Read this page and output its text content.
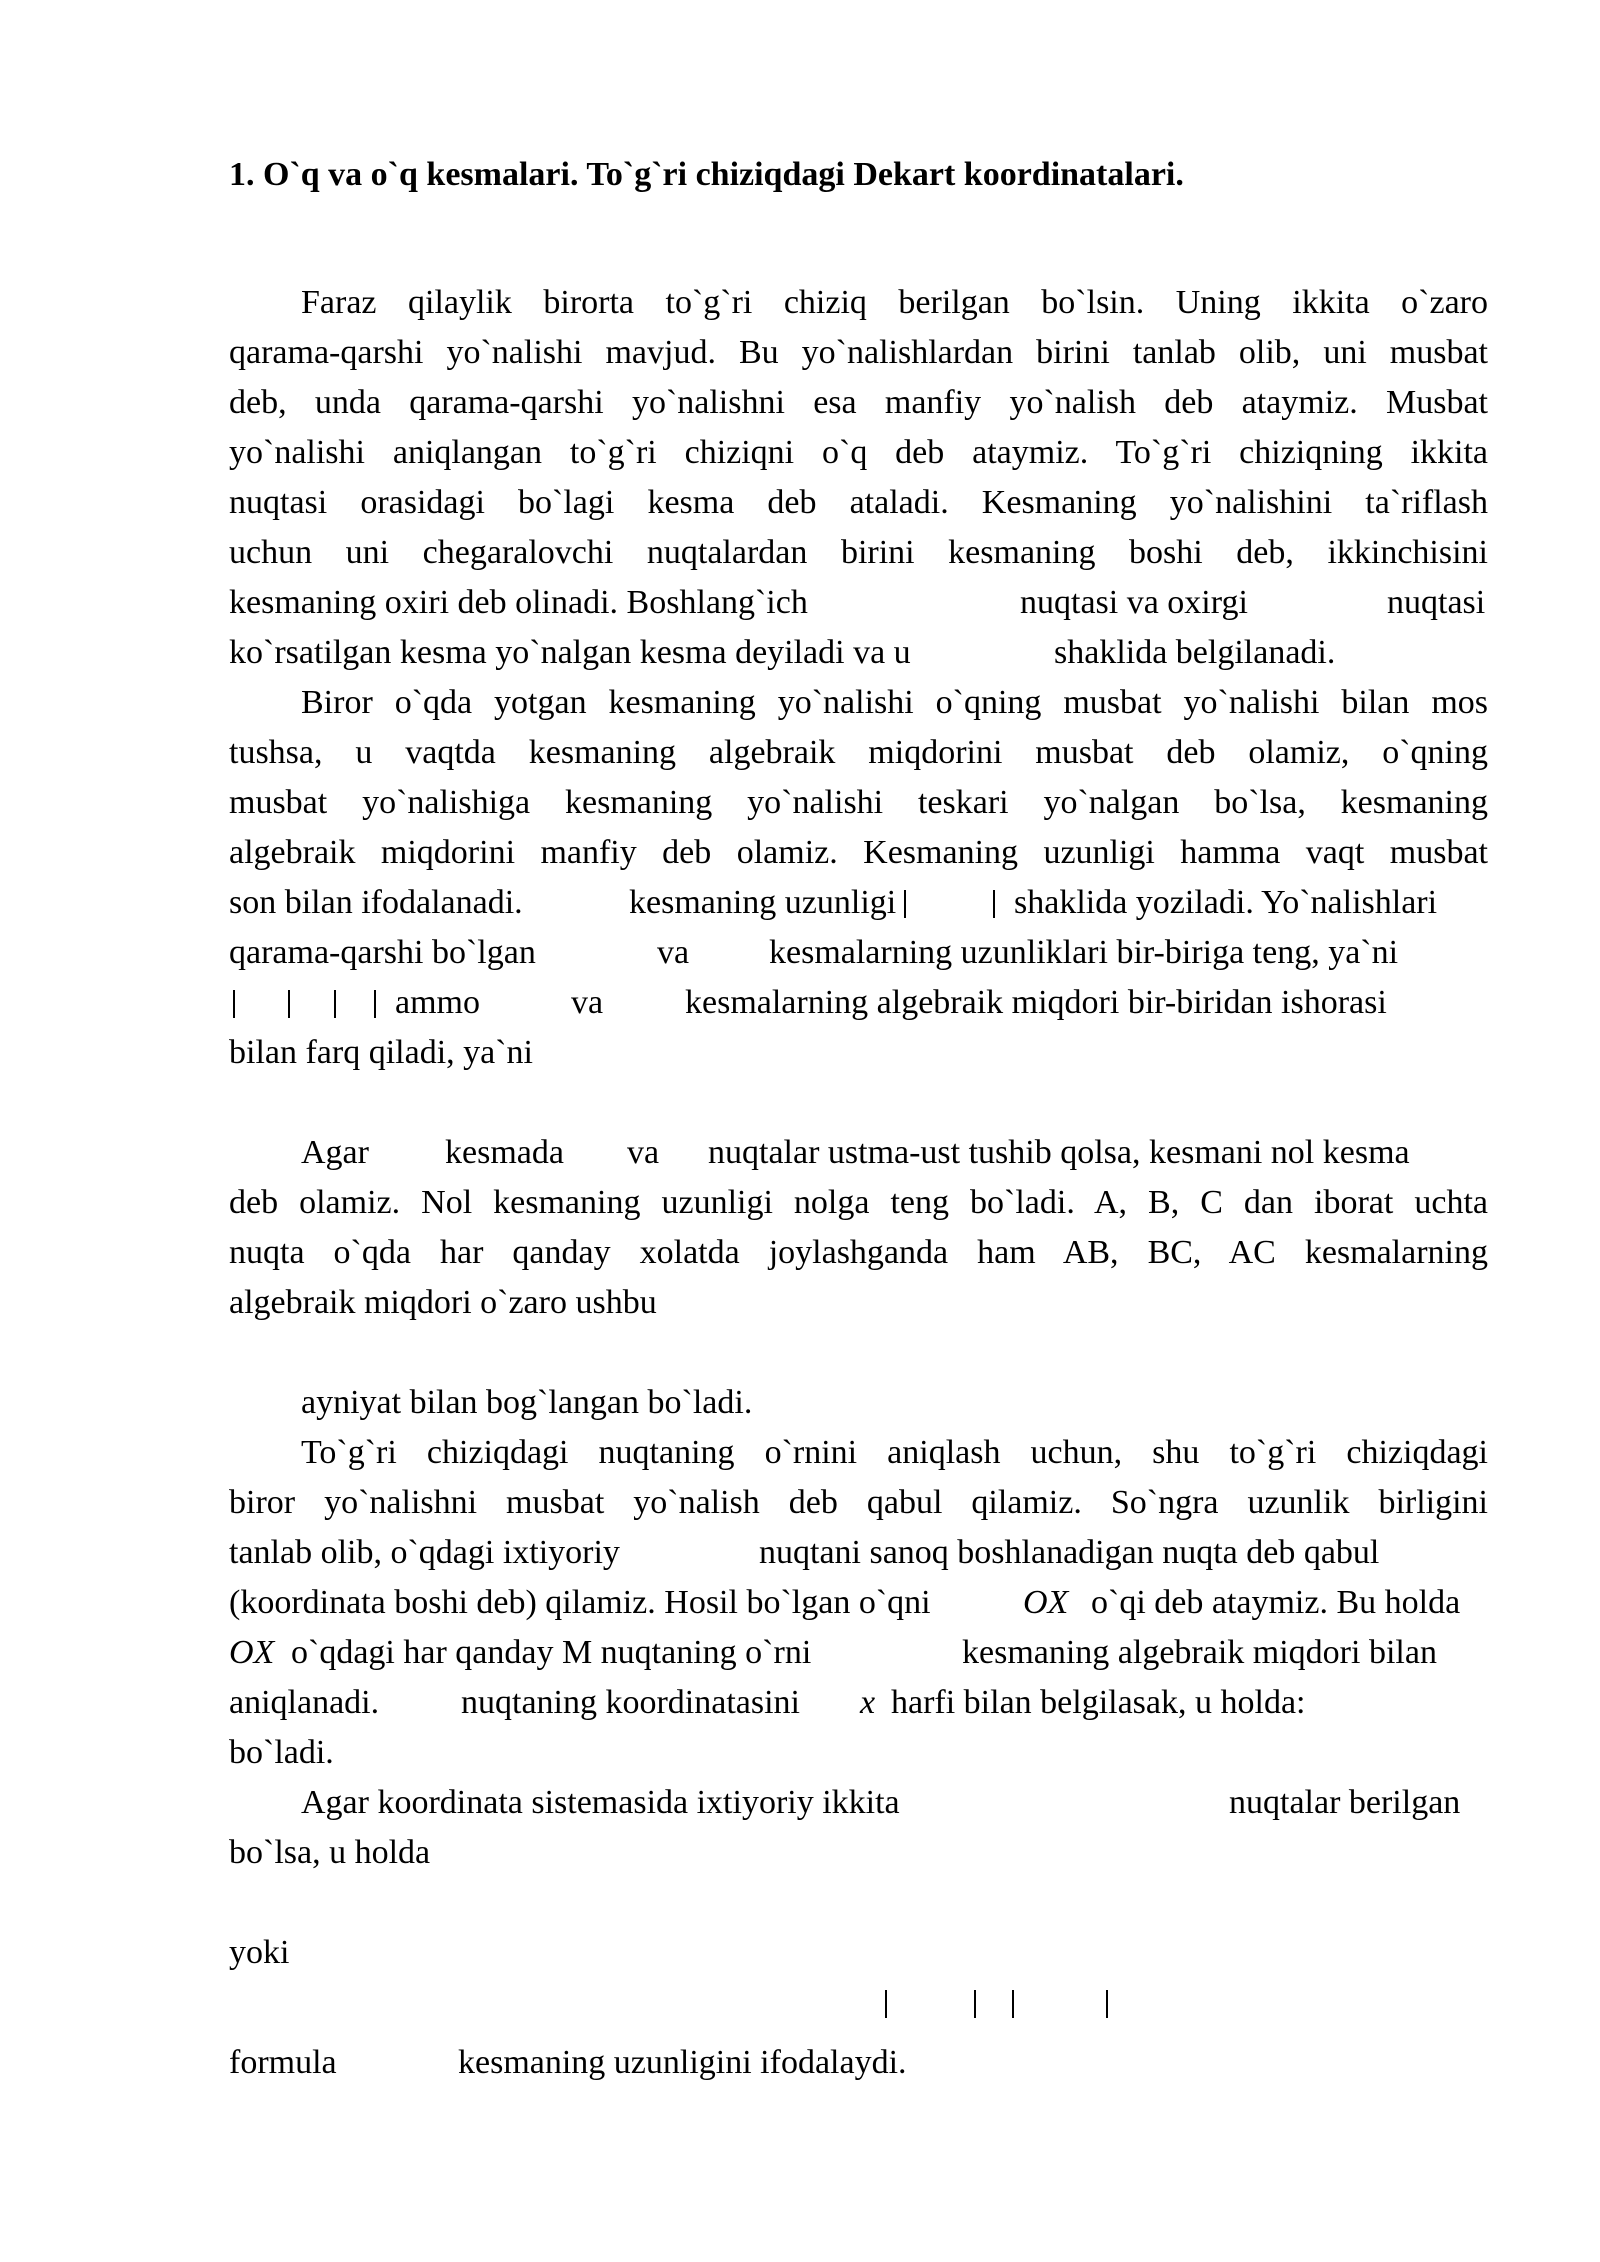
1. O`q va o`q kesmalari. To`g`ri chiziqdagi Dekart koordinatalari.
Faraz qilaylik birorta to`g`ri chiziq berilgan bo`lsin. Uning ikkita o`zaro
qarama-qarshi yo`nalishi mavjud. Bu yo`nalishlardan birini tanlab olib, uni musbat
deb, unda qarama-qarshi yo`nalishni esa manfiy yo`nalish deb ataymiz. Musbat
yo`nalishi aniqlangan to`g`ri chiziqni o`q deb ataymiz. To`g`ri chiziqning ikkita
nuqtasi orasidagi bo`lagi kesma deb ataladi. Kesmaning yo`nalishini ta`riflash
uchun uni chegaralovchi nuqtalardan birini kesmaning boshi deb, ikkinchisini
kesmaning oxiri deb olinadi. Boshlang`ich	nuqtasi va oxirgi	nuqtasi
ko`rsatilgan kesma yo`nalgan kesma deyiladi va u	shaklida belgilanadi.
Biror o`qda yotgan kesmaning yo`nalishi o`qning musbat yo`nalishi bilan mos
tushsa, u vaqtda kesmaning algebraik miqdorini musbat deb olamiz, o`qning
musbat yo`nalishiga kesmaning yo`nalishi teskari yo`nalgan bo`lsa, kesmaning
algebraik miqdorini manfiy deb olamiz. Kesmaning uzunligi hamma vaqt musbat
son bilan ifodalanadi.	kesmaning uzunligi	shaklida yoziladi. Yo`nalishlari
qarama-qarshi bo`lgan	va kesmalarning uzunliklari bir-biriga teng, ya`ni
ammo	va kesmalarning algebraik miqdori bir-biridan ishorasi
bilan farq qiladi, ya`ni
Agar kesmada va nuqtalar ustma-ust tushib qolsa, kesmani nol kesma
deb olamiz. Nol kesmaning uzunligi nolga teng bo`ladi. A, B, C dan iborat uchta
nuqta o`qda har qanday xolatda joylashganda ham AB, BC, AC kesmalarning
algebraik miqdori o`zaro ushbu
ayniyat bilan bog`langan bo`ladi.
To`g`ri chiziqdagi nuqtaning o`rnini aniqlash uchun, shu to`g`ri chiziqdagi
biror yo`nalishni musbat yo`nalish deb qabul qilamiz. So`ngra uzunlik birligini
tanlab olib, o`qdagi ixtiyoriy	nuqtani sanoq boshlanadigan nuqta deb qabul
(koordinata boshi deb) qilamiz. Hosil bo`lgan o`qni	OX o`qi deb ataymiz. Bu holda
OX o`qdagi har qanday M nuqtaning o`rni	kesmaning algebraik miqdori bilan
aniqlanadi. nuqtaning koordinatasini x harfi bilan belgilasak, u holda:
bo`ladi.
Agar koordinata sistemasida ixtiyoriy ikkita	nuqtalar berilgan
bo`lsa, u holda
yoki
formula	kesmaning uzunligini ifodalaydi.
